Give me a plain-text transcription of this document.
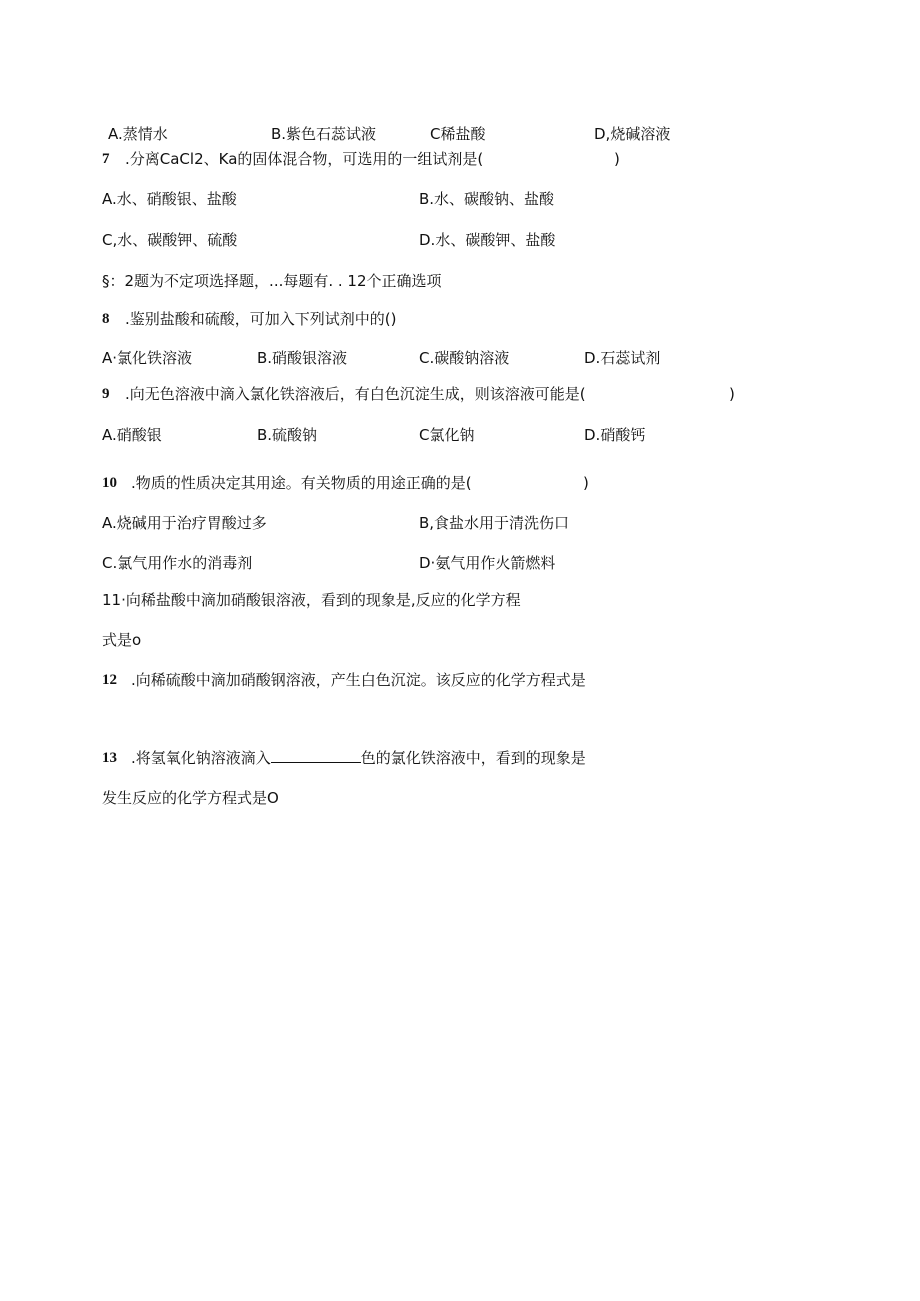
A.蒸情水	B.紫色石蕊试液	C稀盐酸	D,烧碱溶液
7 .分离CaCl2、Ka的固体混合物，可选用的一组试剂是(	)
A.水、硝酸银、盐酸	B.水、碳酸钠、盐酸
C,水、碳酸钾、硫酸	D.水、碳酸钾、盐酸
§：2题为不定项选择题，...每题有. . 12个正确选项
8 .鉴别盐酸和硫酸，可加入下列试剂中的()
A·氯化铁溶液	B.硝酸银溶液	C.碳酸钠溶液	D.石蕊试剂
9 .向无色溶液中滴入氯化铁溶液后，有白色沉淀生成，则该溶液可能是(	)
A.硝酸银	B.硫酸钠	C氯化钠	D.硝酸钙
10 .物质的性质决定其用途。有关物质的用途正确的是(	)
A.烧碱用于治疗胃酸过多	B,食盐水用于清洗伤口
C.氯气用作水的消毒剂	D·氨气用作火箭燃料
11·向稀盐酸中滴加硝酸银溶液，看到的现象是,反应的化学方程
式是o
12 .向稀硫酸中滴加硝酸钢溶液，产生白色沉淀。该反应的化学方程式是
13 .将氢氧化钠溶液滴入	色的氯化铁溶液中，看到的现象是
发生反应的化学方程式是O
